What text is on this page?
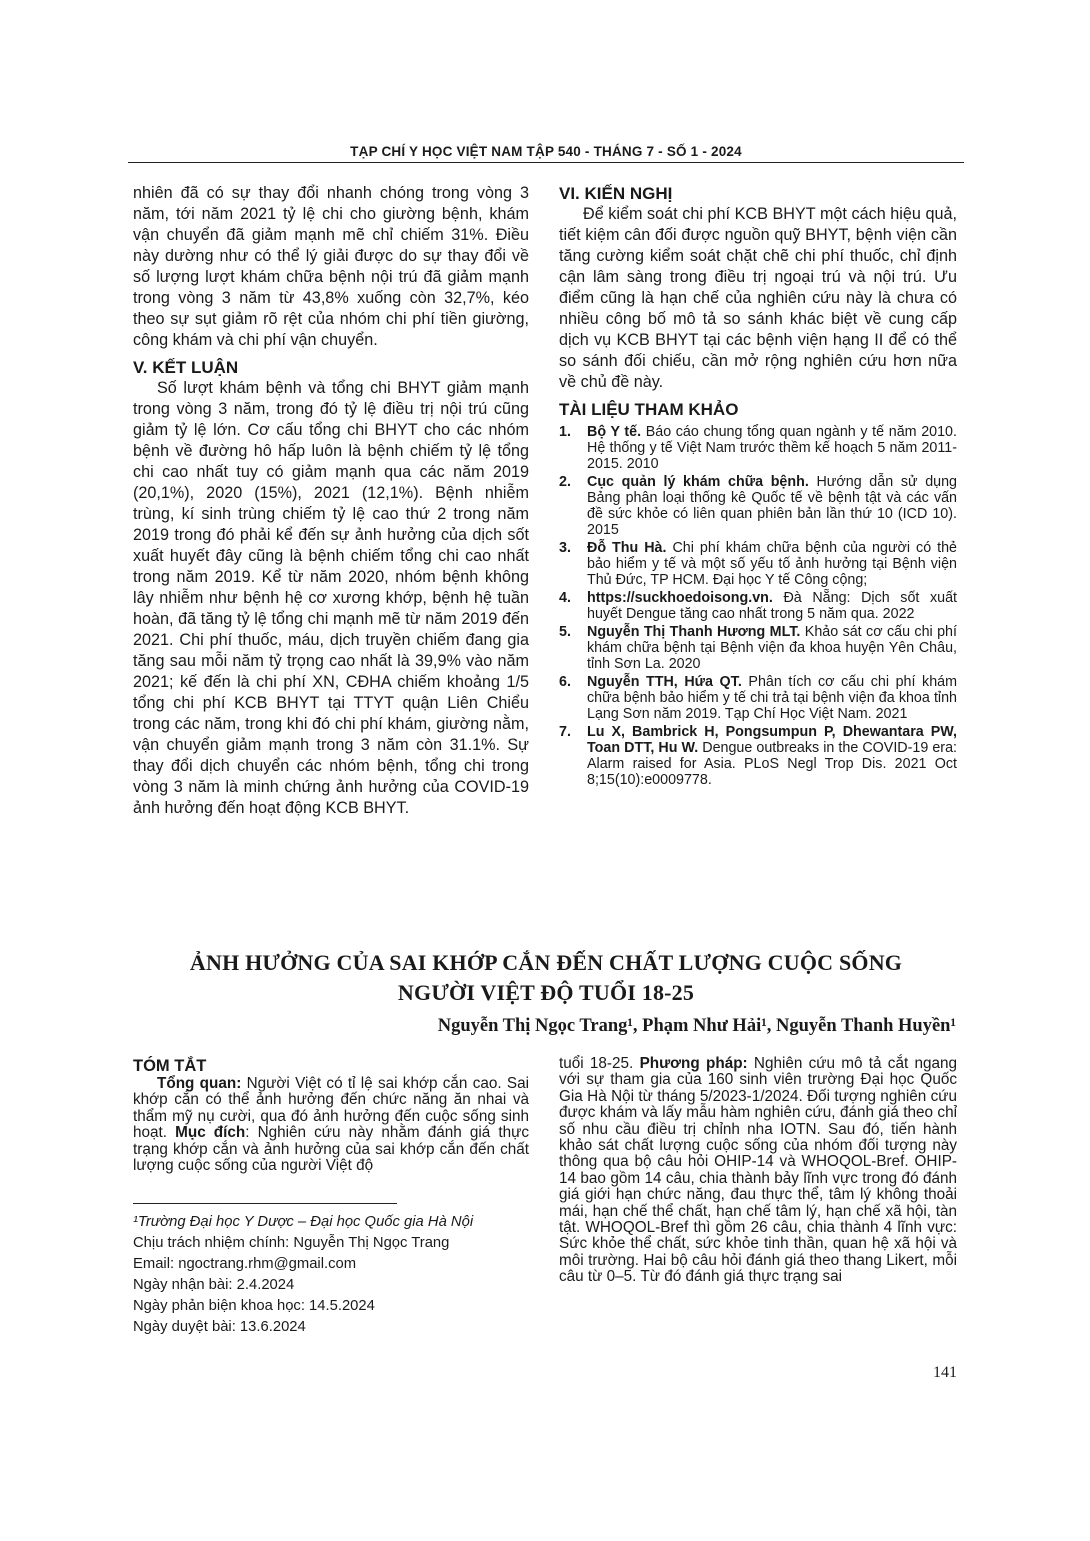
TẠP CHÍ Y HỌC VIỆT NAM TẬP 540 - THÁNG 7 - SỐ 1 - 2024

nhiên đã có sự thay đổi nhanh chóng trong vòng 3 năm, tới năm 2021 tỷ lệ chi cho giường bệnh, khám vận chuyển đã giảm mạnh mẽ chỉ chiếm 31%. Điều này dường như có thể lý giải được do sự thay đổi về số lượng lượt khám chữa bệnh nội trú đã giảm mạnh trong vòng 3 năm từ 43,8% xuống còn 32,7%, kéo theo sự sụt giảm rõ rệt của nhóm chi phí tiền giường, công khám và chi phí vận chuyển.

V. KẾT LUẬN

Số lượt khám bệnh và tổng chi BHYT giảm mạnh trong vòng 3 năm, trong đó tỷ lệ điều trị nội trú cũng giảm tỷ lệ lớn. Cơ cấu tổng chi BHYT cho các nhóm bệnh về đường hô hấp luôn là bệnh chiếm tỷ lệ tổng chi cao nhất tuy có giảm mạnh qua các năm 2019 (20,1%), 2020 (15%), 2021 (12,1%). Bệnh nhiễm trùng, kí sinh trùng chiếm tỷ lệ cao thứ 2 trong năm 2019 trong đó phải kể đến sự ảnh hưởng của dịch sốt xuất huyết đây cũng là bệnh chiếm tổng chi cao nhất trong năm 2019. Kể từ năm 2020, nhóm bệnh không lây nhiễm như bệnh hệ cơ xương khớp, bệnh hệ tuần hoàn, đã tăng tỷ lệ tổng chi mạnh mẽ từ năm 2019 đến 2021. Chi phí thuốc, máu, dịch truyền chiếm đang gia tăng sau mỗi năm tỷ trọng cao nhất là 39,9% vào năm 2021; kế đến là chi phí XN, CĐHA chiếm khoảng 1/5 tổng chi phí KCB BHYT tại TTYT quận Liên Chiểu trong các năm, trong khi đó chi phí khám, giường nằm, vận chuyển giảm mạnh trong 3 năm còn 31.1%. Sự thay đổi dịch chuyển các nhóm bệnh, tổng chi trong vòng 3 năm là minh chứng ảnh hưởng của COVID-19 ảnh hưởng đến hoạt động KCB BHYT.

VI. KIẾN NGHỊ

Để kiểm soát chi phí KCB BHYT một cách hiệu quả, tiết kiệm cân đối được nguồn quỹ BHYT, bệnh viện cần tăng cường kiểm soát chặt chẽ chi phí thuốc, chỉ định cận lâm sàng trong điều trị ngoại trú và nội trú. Ưu điểm cũng là hạn chế của nghiên cứu này là chưa có nhiều công bố mô tả so sánh khác biệt về cung cấp dịch vụ KCB BHYT tại các bệnh viện hạng II để có thể so sánh đối chiếu, cần mở rộng nghiên cứu hơn nữa về chủ đề này.

TÀI LIỆU THAM KHẢO
1. Bộ Y tế. Báo cáo chung tổng quan ngành y tế năm 2010. Hệ thống y tế Việt Nam trước thềm kế hoạch 5 năm 2011-2015. 2010
2. Cục quản lý khám chữa bệnh. Hướng dẫn sử dụng Bảng phân loại thống kê Quốc tế về bệnh tật và các vấn đề sức khỏe có liên quan phiên bản lần thứ 10 (ICD 10). 2015
3. Đỗ Thu Hà. Chi phí khám chữa bệnh của người có thẻ bảo hiểm y tế và một số yếu tố ảnh hưởng tại Bệnh viện Thủ Đức, TP HCM. Đại học Y tế Công cộng;
4. https://suckhoedoisong.vn. Đà Nẵng: Dịch sốt xuất huyết Dengue tăng cao nhất trong 5 năm qua. 2022
5. Nguyễn Thị Thanh Hương MLT. Khảo sát cơ cấu chi phí khám chữa bệnh tại Bệnh viện đa khoa huyện Yên Châu, tỉnh Sơn La. 2020
6. Nguyễn TTH, Hứa QT. Phân tích cơ cấu chi phí khám chữa bệnh bảo hiểm y tế chi trả tại bệnh viện đa khoa tỉnh Lạng Sơn năm 2019. Tạp Chí Học Việt Nam. 2021
7. Lu X, Bambrick H, Pongsumpun P, Dhewantara PW, Toan DTT, Hu W. Dengue outbreaks in the COVID-19 era: Alarm raised for Asia. PLoS Negl Trop Dis. 2021 Oct 8;15(10):e0009778.
ẢNH HƯỞNG CỦA SAI KHỚP CẮN ĐẾN CHẤT LƯỢNG CUỘC SỐNG
NGƯỜI VIỆT ĐỘ TUỔI 18-25
Nguyễn Thị Ngọc Trang¹, Phạm Như Hải¹, Nguyễn Thanh Huyền¹
TÓM TẮT

Tổng quan: Người Việt có tỉ lệ sai khớp cắn cao. Sai khớp cắn có thể ảnh hưởng đến chức năng ăn nhai và thẩm mỹ nụ cười, qua đó ảnh hưởng đến cuộc sống sinh hoạt. Mục đích: Nghiên cứu này nhằm đánh giá thực trạng khớp cắn và ảnh hưởng của sai khớp cắn đến chất lượng cuộc sống của người Việt độ

tuổi 18-25. Phương pháp: Nghiên cứu mô tả cắt ngang với sự tham gia của 160 sinh viên trường Đại học Quốc Gia Hà Nội từ tháng 5/2023-1/2024. Đối tượng nghiên cứu được khám và lấy mẫu hàm nghiên cứu, đánh giá theo chỉ số nhu cầu điều trị chỉnh nha IOTN. Sau đó, tiến hành khảo sát chất lượng cuộc sống của nhóm đối tượng này thông qua bộ câu hỏi OHIP-14 và WHOQOL-Bref. OHIP-14 bao gồm 14 câu, chia thành bảy lĩnh vực trong đó đánh giá giới hạn chức năng, đau thực thể, tâm lý không thoải mái, hạn chế thể chất, hạn chế tâm lý, hạn chế xã hội, tàn tật. WHOQOL-Bref thì gồm 26 câu, chia thành 4 lĩnh vực: Sức khỏe thể chất, sức khỏe tinh thần, quan hệ xã hội và môi trường. Hai bộ câu hỏi đánh giá theo thang Likert, mỗi câu từ 0–5. Từ đó đánh giá thực trạng sai

¹Trường Đại học Y Dược – Đại học Quốc gia Hà Nội
Chịu trách nhiệm chính: Nguyễn Thị Ngọc Trang
Email: ngoctrang.rhm@gmail.com
Ngày nhận bài: 2.4.2024
Ngày phản biện khoa học: 14.5.2024
Ngày duyệt bài: 13.6.2024
141
